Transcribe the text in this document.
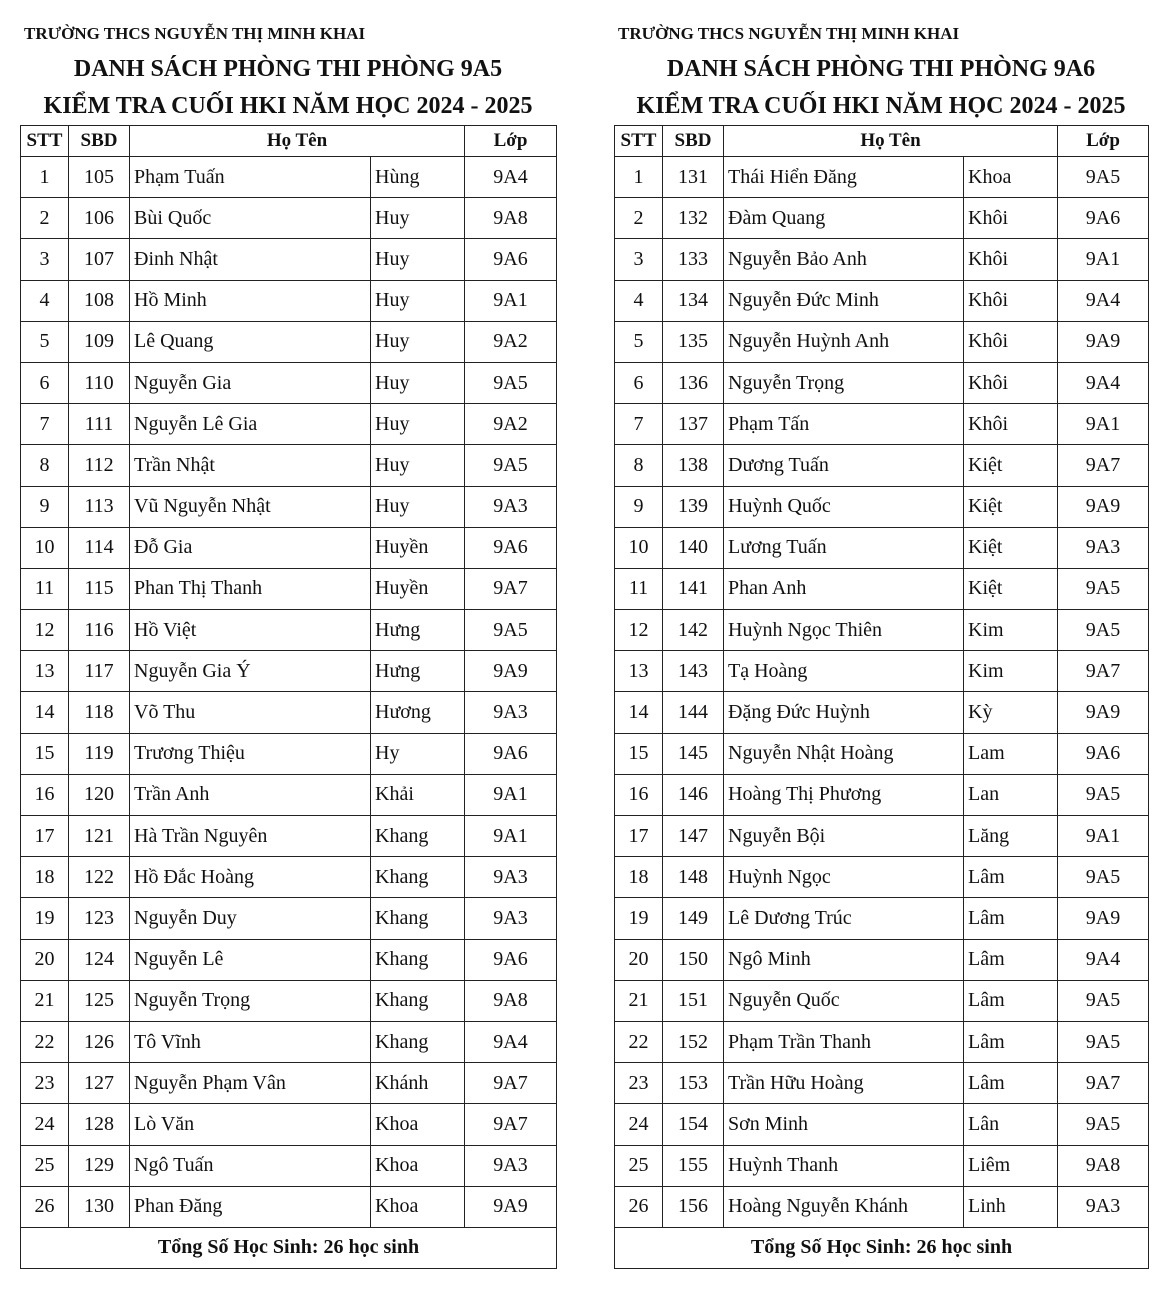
TRƯỜNG THCS NGUYỄN THỊ MINH KHAI
DANH SÁCH PHÒNG THI PHÒNG 9A5
KIỂM TRA CUỐI HKI NĂM HỌC 2024 - 2025
STT	SBD	Họ Tên		Lớp
1	105	Phạm Tuấn	Hùng	9A4
2	106	Bùi Quốc	Huy	9A8
3	107	Đinh Nhật	Huy	9A6
4	108	Hồ Minh	Huy	9A1
5	109	Lê Quang	Huy	9A2
6	110	Nguyễn Gia	Huy	9A5
7	111	Nguyễn Lê Gia	Huy	9A2
8	112	Trần Nhật	Huy	9A5
9	113	Vũ Nguyễn Nhật	Huy	9A3
10	114	Đỗ Gia	Huyền	9A6
11	115	Phan Thị Thanh	Huyền	9A7
12	116	Hồ Việt	Hưng	9A5
13	117	Nguyễn Gia Ý	Hưng	9A9
14	118	Võ Thu	Hương	9A3
15	119	Trương Thiệu	Hy	9A6
16	120	Trần Anh	Khải	9A1
17	121	Hà Trần Nguyên	Khang	9A1
18	122	Hồ Đắc Hoàng	Khang	9A3
19	123	Nguyễn Duy	Khang	9A3
20	124	Nguyễn Lê	Khang	9A6
21	125	Nguyễn Trọng	Khang	9A8
22	126	Tô Vĩnh	Khang	9A4
23	127	Nguyễn Phạm Vân	Khánh	9A7
24	128	Lò Văn	Khoa	9A7
25	129	Ngô Tuấn	Khoa	9A3
26	130	Phan Đăng	Khoa	9A9
Tổng Số Học Sinh: 26 học sinh				
TRƯỜNG THCS NGUYỄN THỊ MINH KHAI
DANH SÁCH PHÒNG THI PHÒNG 9A6
KIỂM TRA CUỐI HKI NĂM HỌC 2024 - 2025
STT	SBD	Họ Tên		Lớp
1	131	Thái Hiển Đăng	Khoa	9A5
2	132	Đàm Quang	Khôi	9A6
3	133	Nguyễn Bảo Anh	Khôi	9A1
4	134	Nguyễn Đức Minh	Khôi	9A4
5	135	Nguyễn Huỳnh Anh	Khôi	9A9
6	136	Nguyễn Trọng	Khôi	9A4
7	137	Phạm Tấn	Khôi	9A1
8	138	Dương Tuấn	Kiệt	9A7
9	139	Huỳnh Quốc	Kiệt	9A9
10	140	Lương Tuấn	Kiệt	9A3
11	141	Phan Anh	Kiệt	9A5
12	142	Huỳnh Ngọc Thiên	Kim	9A5
13	143	Tạ Hoàng	Kim	9A7
14	144	Đặng Đức Huỳnh	Kỳ	9A9
15	145	Nguyễn Nhật Hoàng	Lam	9A6
16	146	Hoàng Thị Phương	Lan	9A5
17	147	Nguyễn Bội	Lăng	9A1
18	148	Huỳnh Ngọc	Lâm	9A5
19	149	Lê Dương Trúc	Lâm	9A9
20	150	Ngô Minh	Lâm	9A4
21	151	Nguyễn Quốc	Lâm	9A5
22	152	Phạm Trần Thanh	Lâm	9A5
23	153	Trần Hữu Hoàng	Lâm	9A7
24	154	Sơn Minh	Lân	9A5
25	155	Huỳnh Thanh	Liêm	9A8
26	156	Hoàng Nguyễn Khánh	Linh	9A3
Tổng Số Học Sinh: 26 học sinh				
